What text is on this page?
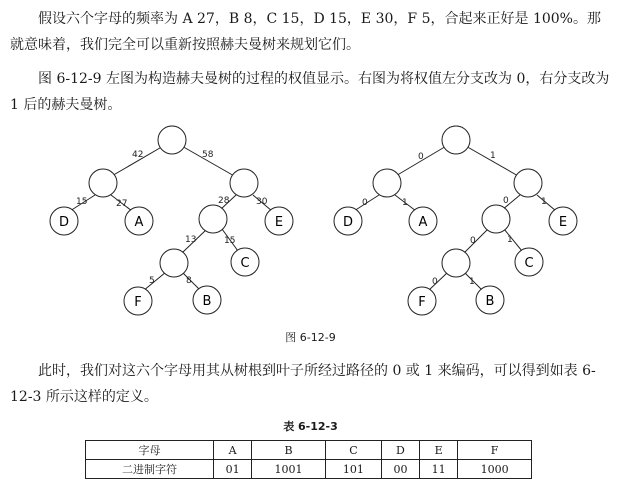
假设六个字母的频率为 A 27，B 8，C 15，D 15，E 30，F 5，合起来正好是 100%。那就意味着，我们完全可以重新按照赫夫曼树来规划它们。

图 6-12-9 左图为构造赫夫曼树的过程的权值显示。右图为将权值左分支改为 0，右分支改为 1 后的赫夫曼树。

42	58
15	27	28	30
13	15
5	8
D	A	E
C
F	B
0	1
0	1	0	1
0	1
0	1
D	A	E
C
F	B
图 6-12-9

此时，我们对这六个字母用其从树根到叶子所经过路径的 0 或 1 来编码，可以得到如表 6-12-3 所示这样的定义。

表 6-12-3
字母	A	B	C	D	E	F
二进制字符	01	1001	101	00	11	1000
